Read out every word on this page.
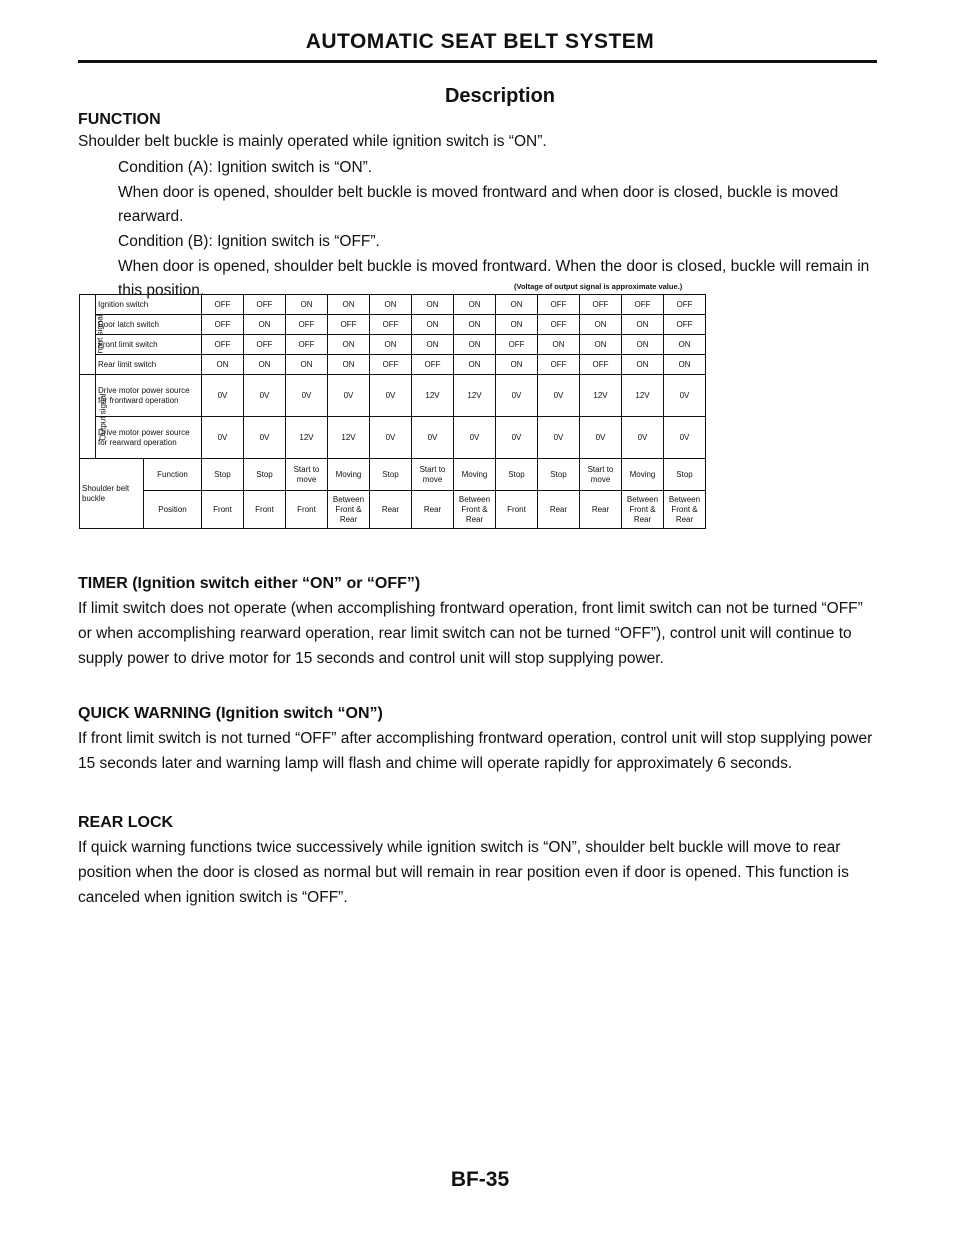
AUTOMATIC SEAT BELT SYSTEM
Description
FUNCTION
Shoulder belt buckle is mainly operated while ignition switch is “ON”.
Condition (A): Ignition switch is “ON”.
When door is opened, shoulder belt buckle is moved frontward and when door is closed, buckle is moved rearward.
Condition (B): Ignition switch is “OFF”.
When door is opened, shoulder belt buckle is moved frontward. When the door is closed, buckle will remain in this position.	(Voltage of output signal is approximate value.)
Input signal	Ignition switch		OFF	OFF	ON	ON	ON	ON	ON	ON	OFF	OFF	OFF	OFF
	Door latch switch		OFF	ON	OFF	OFF	OFF	ON	ON	ON	OFF	ON	ON	OFF
	Front limit switch		OFF	OFF	OFF	ON	ON	ON	ON	OFF	ON	ON	ON	ON
	Rear limit switch		ON	ON	ON	ON	OFF	OFF	ON	ON	OFF	OFF	ON	ON
Output signal	Drive motor power source for frontward operation		0V	0V	0V	0V	0V	12V	12V	0V	0V	12V	12V	0V
	Drive motor power source for rearward operation		0V	0V	12V	12V	0V	0V	0V	0V	0V	0V	0V	0V
Shoulder belt buckle		Function	Stop	Stop	Start to move	Moving	Stop	Start to move	Moving	Stop	Stop	Start to move	Moving	Stop
		Position	Front	Front	Front	Between Front & Rear	Rear	Rear	Between Front & Rear	Front	Rear	Rear	Between Front & Rear	Between Front & Rear
TIMER (Ignition switch either “ON” or “OFF”)
If limit switch does not operate (when accomplishing frontward operation, front limit switch can not be turned “OFF” or when accomplishing rearward operation, rear limit switch can not be turned “OFF”), control unit will continue to supply power to drive motor for 15 seconds and control unit will stop supplying power.
QUICK WARNING (Ignition switch “ON”)
If front limit switch is not turned “OFF” after accomplishing frontward operation, control unit will stop supplying power 15 seconds later and warning lamp will flash and chime will operate rapidly for approximately 6 seconds.
REAR LOCK
If quick warning functions twice successively while ignition switch is “ON”, shoulder belt buckle will move to rear position when the door is closed as normal but will remain in rear position even if door is opened. This function is canceled when ignition switch is “OFF”.
BF-35
